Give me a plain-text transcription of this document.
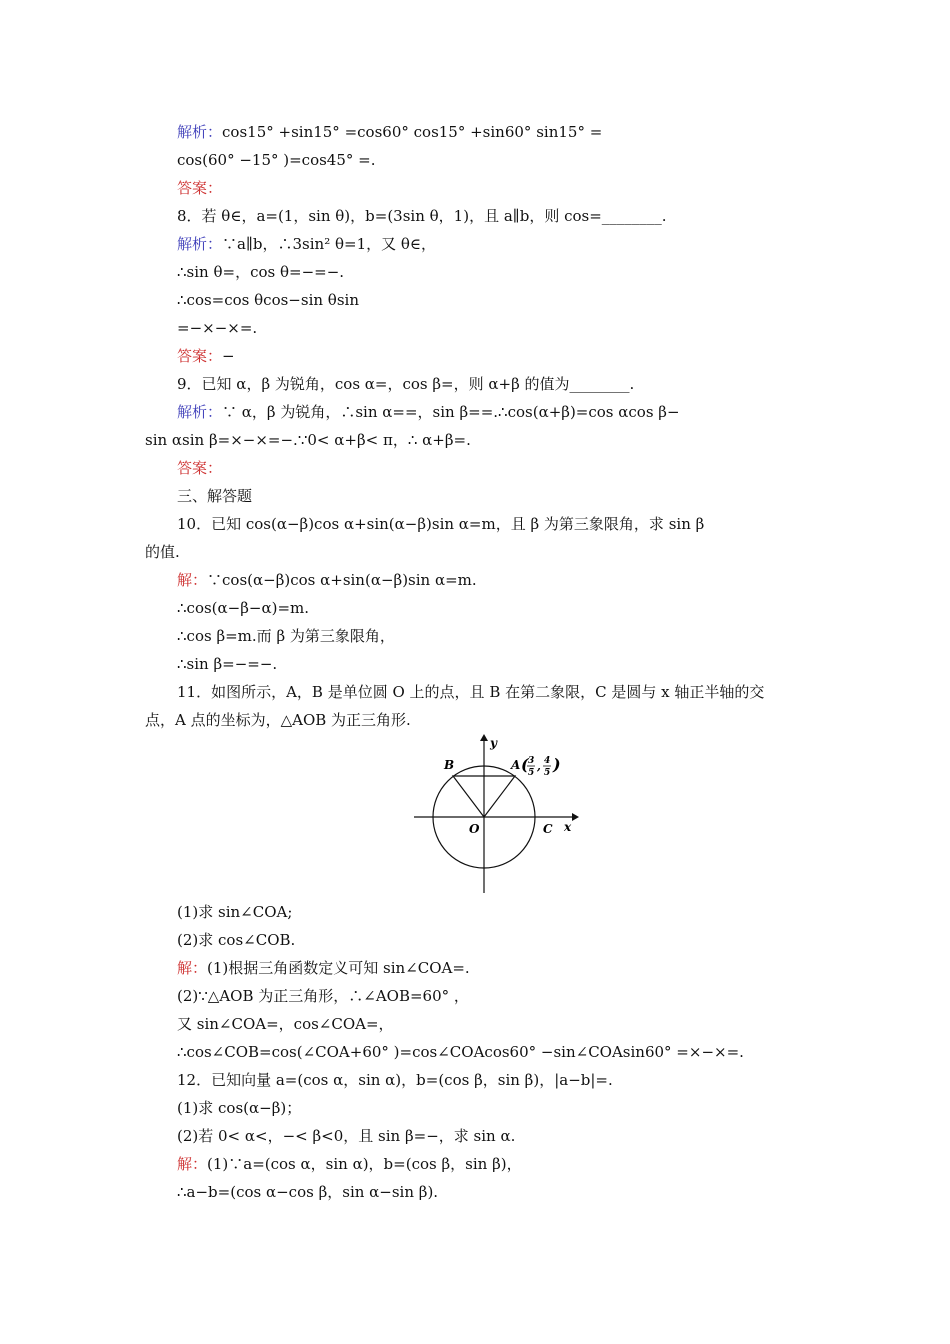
解析：cos15° +sin15° =cos60° cos15° +sin60° sin15° =
cos(60° −15° )=cos45° =.
答案：
8．若 θ∈，a=(1，sin θ)，b=(3sin θ，1)，且 a∥b，则 cos=________.
解析：∵a∥b，∴3sin² θ=1，又 θ∈，
∴sin θ=，cos θ=−=−.
∴cos=cos θcos−sin θsin
=−×−×=.
答案：−
9．已知 α，β 为锐角，cos α=，cos β=，则 α+β 的值为________.
解析：∵ α，β 为锐角，∴sin α==，sin β==.∴cos(α+β)=cos αcos β−
sin αsin β=×−×=−.∵0< α+β< π，∴ α+β=.
答案：
三、解答题
10．已知 cos(α−β)cos α+sin(α−β)sin α=m，且 β 为第三象限角，求 sin β
的值.
解：∵cos(α−β)cos α+sin(α−β)sin α=m.
∴cos(α−β−α)=m.
∴cos β=m.而 β 为第三象限角，
∴sin β=−=−.
11．如图所示，A，B 是单位圆 O 上的点，且 B 在第二象限，C 是圆与 x 轴正半轴的交
点，A 点的坐标为，△AOB 为正三角形.
y
x
O
B
C
A ( 3
5 , 4
5 )
(1)求 sin∠COA;
(2)求 cos∠COB.
解：(1)根据三角函数定义可知 sin∠COA=.
(2)∵△AOB 为正三角形，∴∠AOB=60° ，
又 sin∠COA=，cos∠COA=，
∴cos∠COB=cos(∠COA+60° )=cos∠COAcos60° −sin∠COAsin60° =×−×=.
12．已知向量 a=(cos α，sin α)，b=(cos β，sin β)，|a−b|=.
(1)求 cos(α−β)；
(2)若 0< α<，−< β<0，且 sin β=−，求 sin α.
解：(1)∵a=(cos α，sin α)，b=(cos β，sin β)，
∴a−b=(cos α−cos β，sin α−sin β).
